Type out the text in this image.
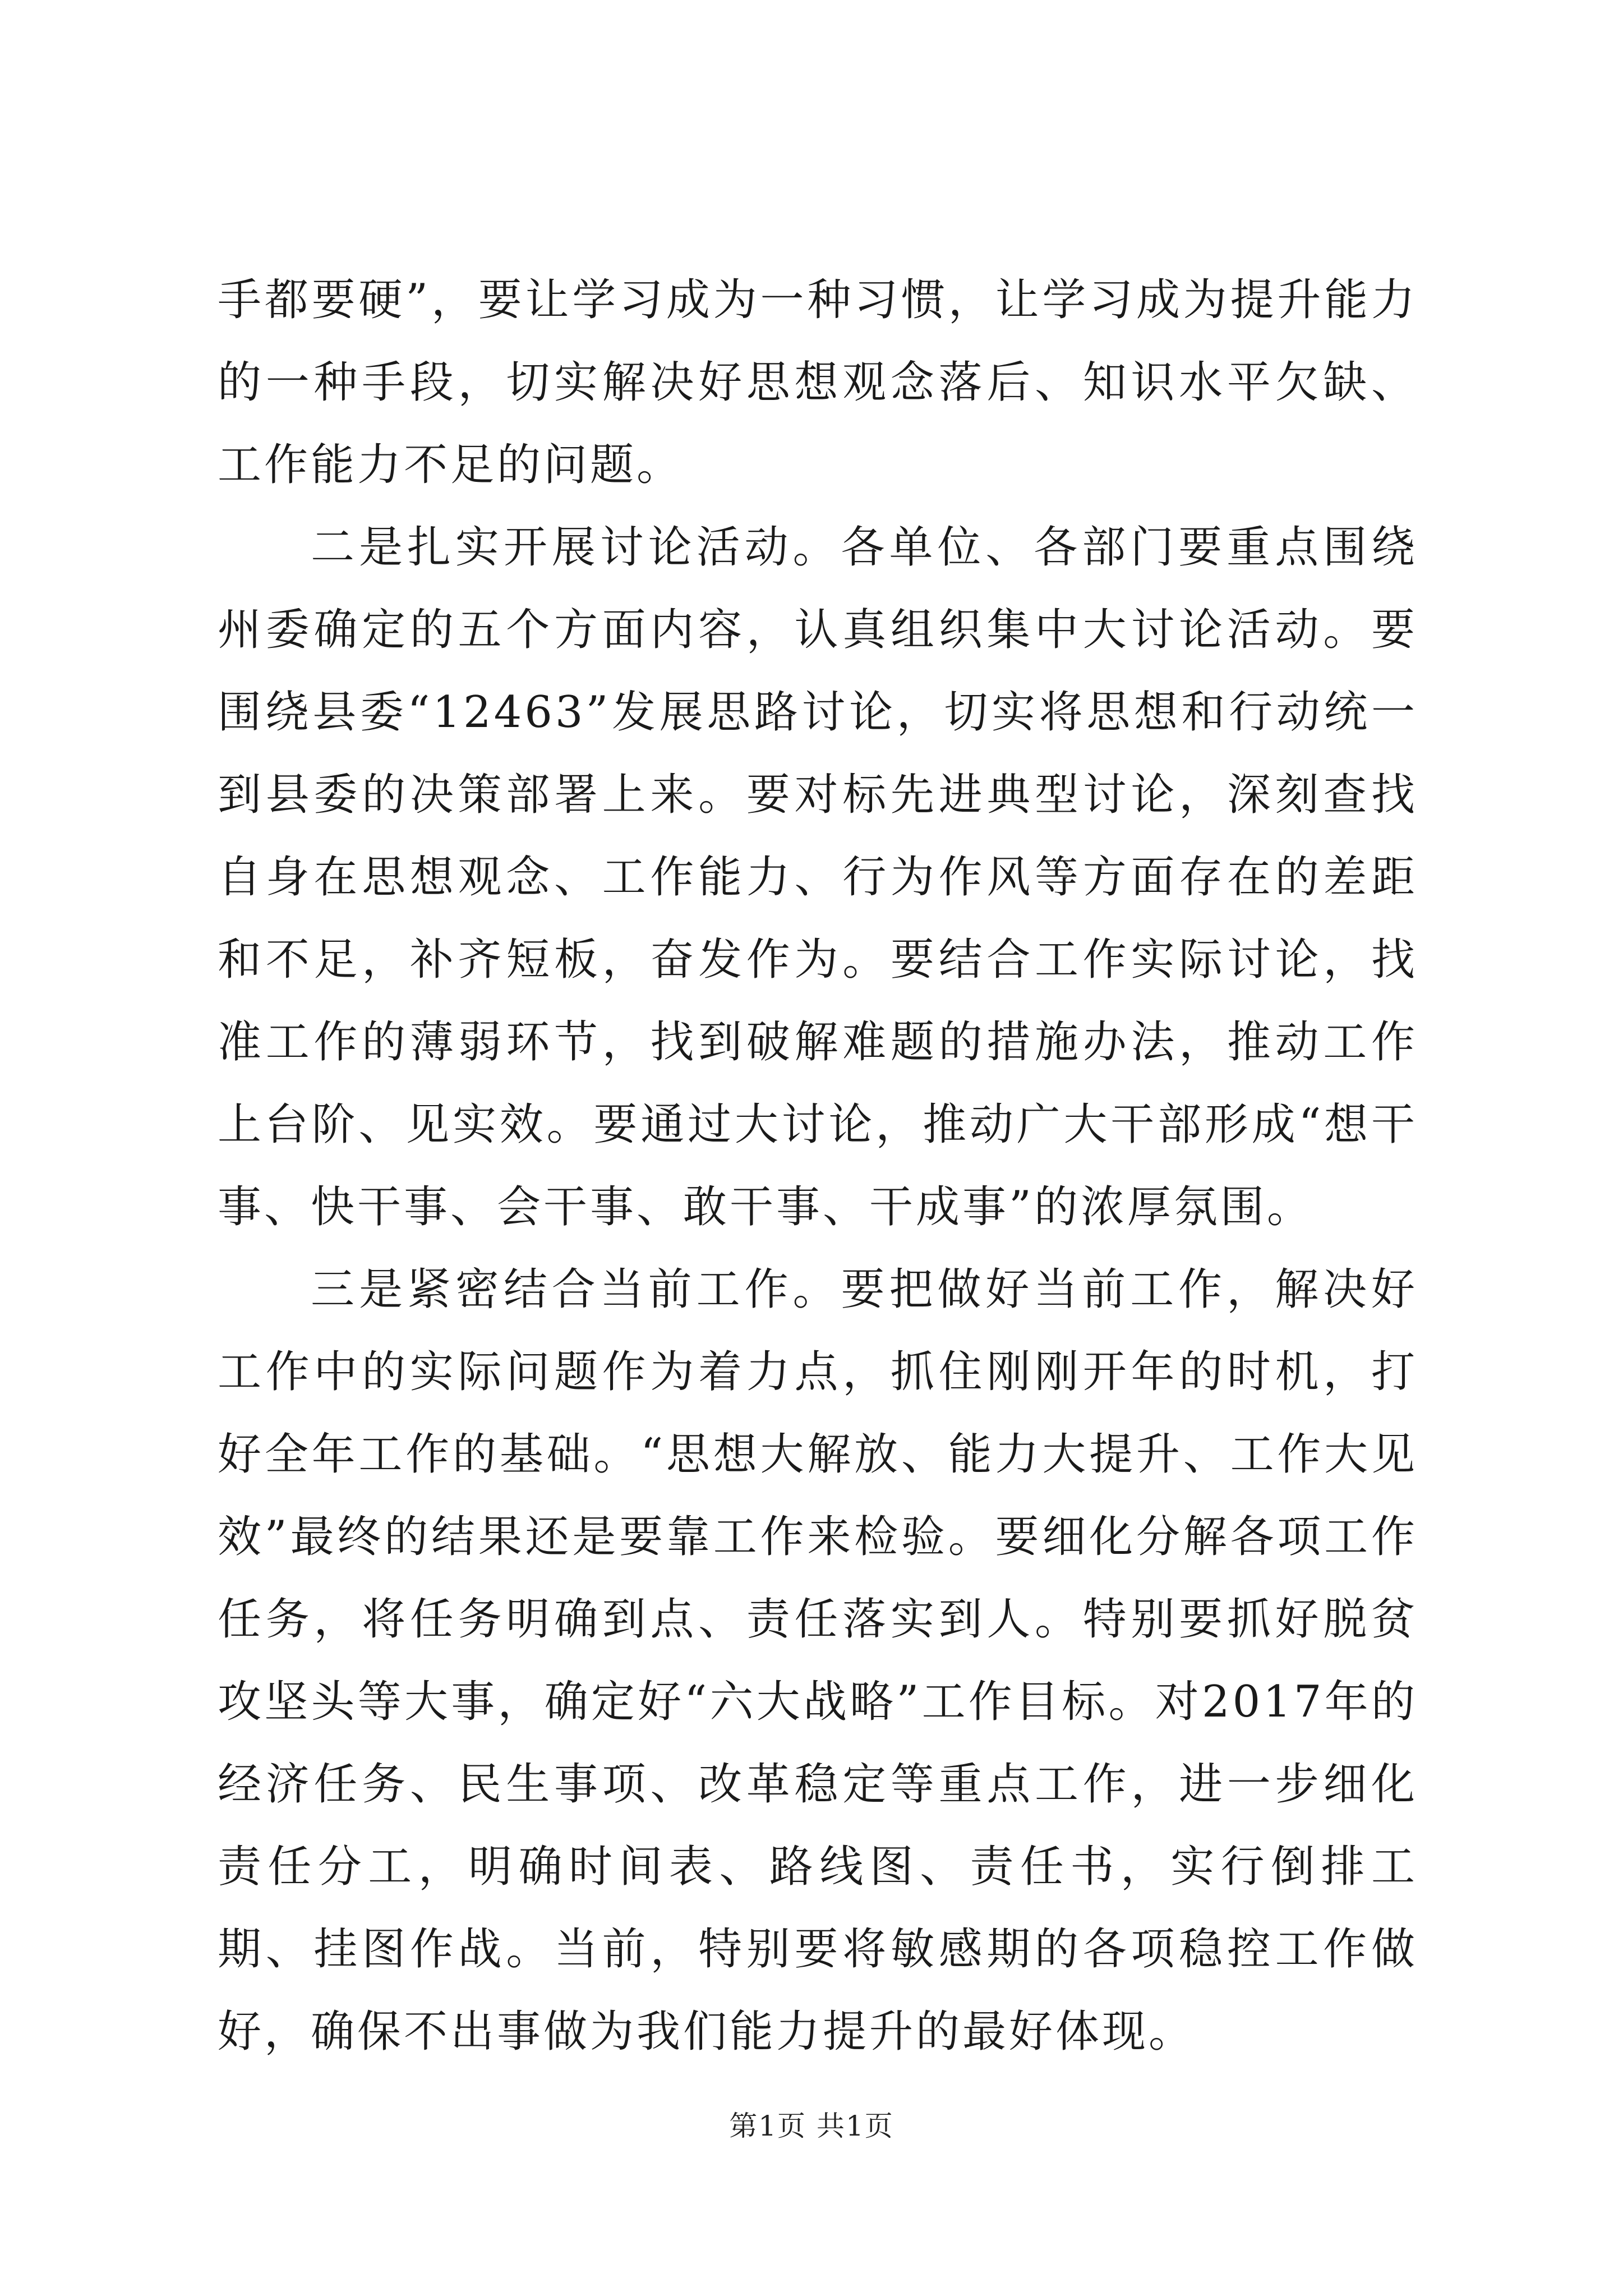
手都要硬”，要让学习成为一种习惯，让学习成为提升能力的一种手段，切实解决好思想观念落后、知识水平欠缺、工作能力不足的问题。

二是扎实开展讨论活动。各单位、各部门要重点围绕州委确定的五个方面内容，认真组织集中大讨论活动。要围绕县委“12463”发展思路讨论，切实将思想和行动统一到县委的决策部署上来。要对标先进典型讨论，深刻查找自身在思想观念、工作能力、行为作风等方面存在的差距和不足，补齐短板，奋发作为。要结合工作实际讨论，找准工作的薄弱环节，找到破解难题的措施办法，推动工作上台阶、见实效。要通过大讨论，推动广大干部形成“想干事、快干事、会干事、敢干事、干成事”的浓厚氛围。

三是紧密结合当前工作。要把做好当前工作，解决好工作中的实际问题作为着力点，抓住刚刚开年的时机，打好全年工作的基础。“思想大解放、能力大提升、工作大见效”最终的结果还是要靠工作来检验。要细化分解各项工作任务，将任务明确到点、责任落实到人。特别要抓好脱贫攻坚头等大事，确定好“六大战略”工作目标。对2017年的经济任务、民生事项、改革稳定等重点工作，进一步细化责任分工，明确时间表、路线图、责任书，实行倒排工期、挂图作战。当前，特别要将敏感期的各项稳控工作做好，确保不出事做为我们能力提升的最好体现。

第1页 共1页
